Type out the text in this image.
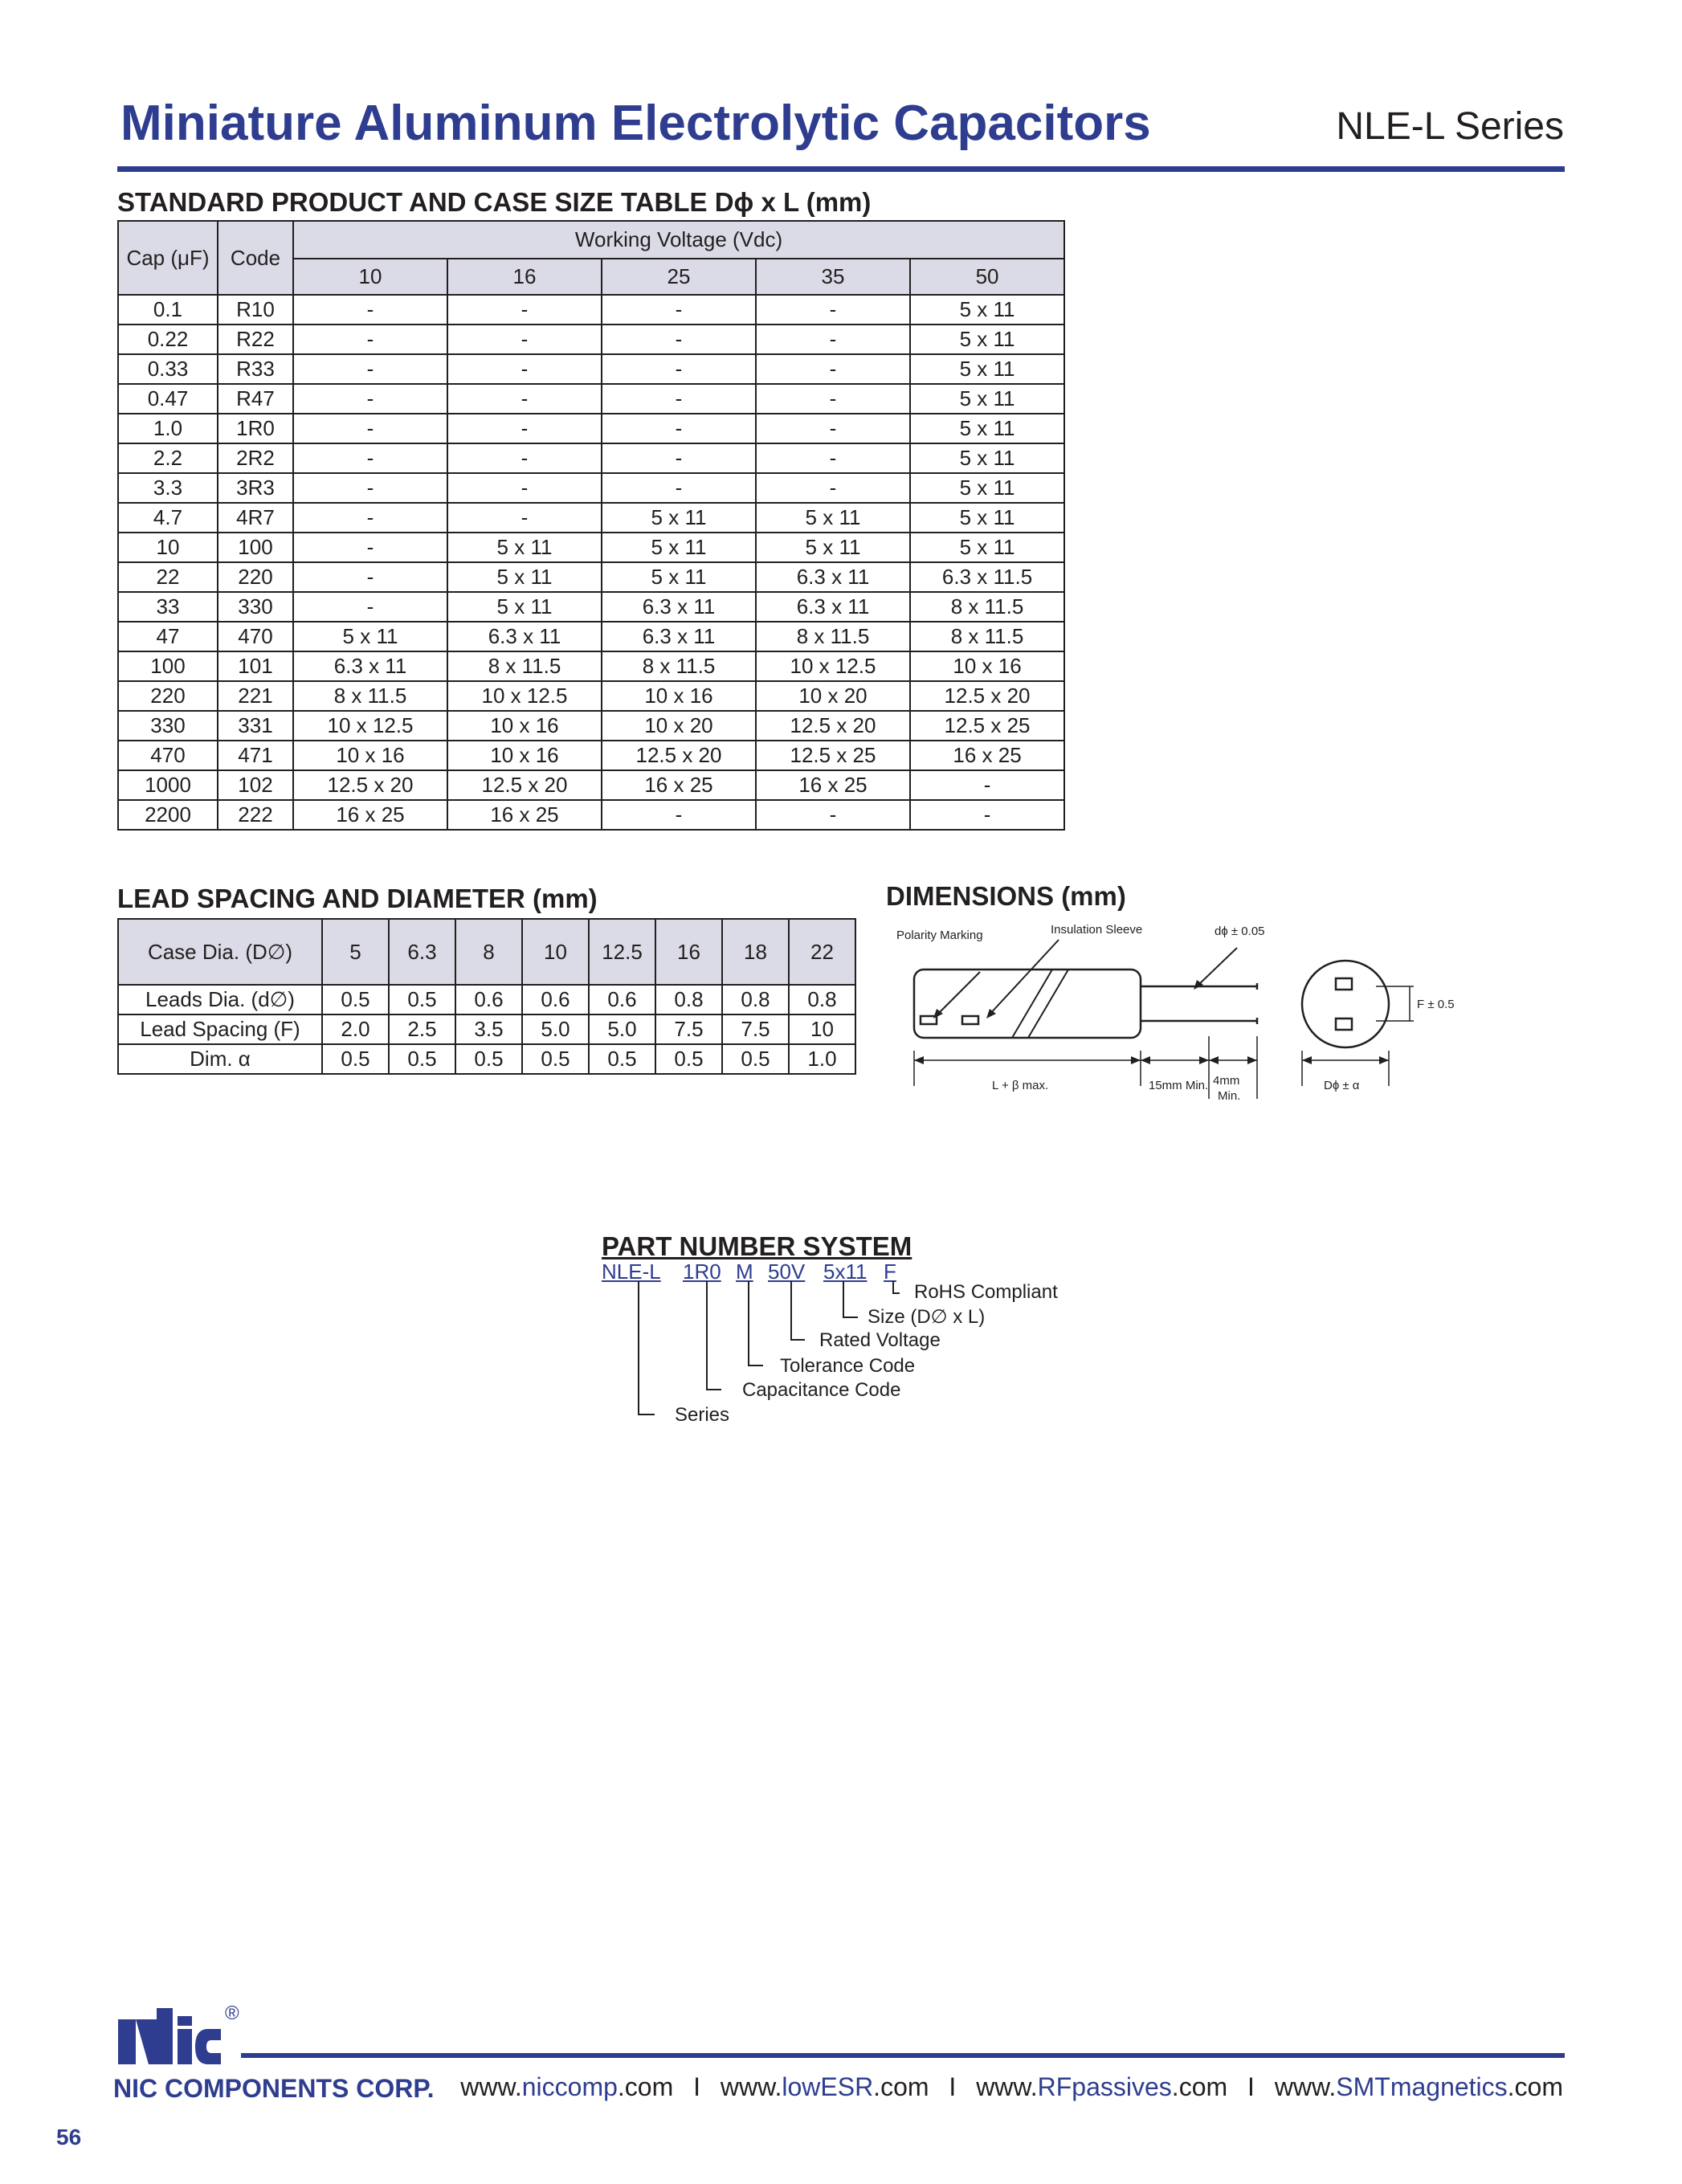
Miniature Aluminum Electrolytic Capacitors	NLE-L Series
STANDARD PRODUCT AND CASE SIZE TABLE Dϕ x L (mm)
Cap (μF)	Code	Working Voltage (Vdc)				
		10	16	25	35	50
0.1	R10	-	-	-	-	5 x 11
0.22	R22	-	-	-	-	5 x 11
0.33	R33	-	-	-	-	5 x 11
0.47	R47	-	-	-	-	5 x 11
1.0	1R0	-	-	-	-	5 x 11
2.2	2R2	-	-	-	-	5 x 11
3.3	3R3	-	-	-	-	5 x 11
4.7	4R7	-	-	5 x 11	5 x 11	5 x 11
10	100	-	5 x 11	5 x 11	5 x 11	5 x 11
22	220	-	5 x 11	5 x 11	6.3 x 11	6.3 x 11.5
33	330	-	5 x 11	6.3 x 11	6.3 x 11	8 x 11.5
47	470	5 x 11	6.3 x 11	6.3 x 11	8 x 11.5	8 x 11.5
100	101	6.3 x 11	8 x 11.5	8 x 11.5	10 x 12.5	10 x 16
220	221	8 x 11.5	10 x 12.5	10 x 16	10 x 20	12.5 x 20
330	331	10 x 12.5	10 x 16	10 x 20	12.5 x 20	12.5 x 25
470	471	10 x 16	10 x 16	12.5 x 20	12.5 x 25	16 x 25
1000	102	12.5 x 20	12.5 x 20	16 x 25	16 x 25	-
2200	222	16 x 25	16 x 25	-	-	-
LEAD SPACING AND DIAMETER (mm)
Case Dia. (D∅)	5	6.3	8	10	12.5	16	18	22
Leads Dia. (d∅)	0.5	0.5	0.6	0.6	0.6	0.8	0.8	0.8
Lead Spacing (F)	2.0	2.5	3.5	5.0	5.0	7.5	7.5	10
Dim. α	0.5	0.5	0.5	0.5	0.5	0.5	0.5	1.0
DIMENSIONS (mm)
Polarity Marking	Insulation Sleeve	dϕ ± 0.05
F ± 0.5
L + β max.	15mm Min. 4mm
Min.
Dϕ ± α
PART NUMBER SYSTEM
NLE-L 1R0 M 50V 5x11 F
RoHS Compliant
Size (D∅ x L)
Rated Voltage
Tolerance Code
Capacitance Code
Series
®
NIC COMPONENTS CORP. www.niccomp.com I www.lowESR.com I www.RFpassives.com I www.SMTmagnetics.com
56
